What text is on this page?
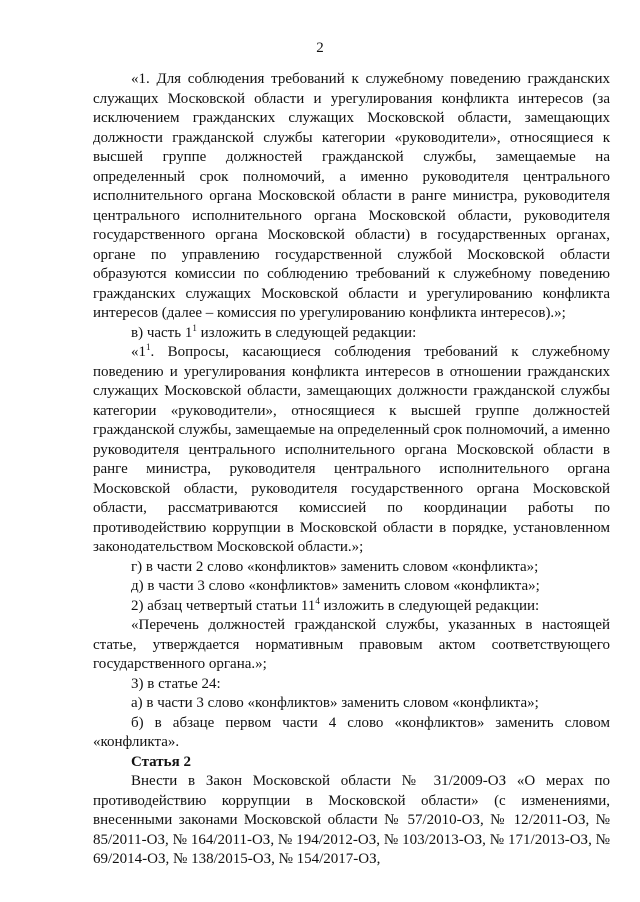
2

«1. Для соблюдения требований к служебному поведению гражданских служащих Московской области и урегулирования конфликта интересов (за исключением гражданских служащих Московской области, замещающих должности гражданской службы категории «руководители», относящиеся к высшей группе должностей гражданской службы, замещаемые на определенный срок полномочий, а именно руководителя центрального исполнительного органа Московской области в ранге министра, руководителя центрального исполнительного органа Московской области, руководителя государственного органа Московской области) в государственных органах, органе по управлению государственной службой Московской области образуются комиссии по соблюдению требований к служебному поведению гражданских служащих Московской области и урегулированию конфликта интересов (далее – комиссия по урегулированию конфликта интересов).»;

в) часть $1^1$ изложить в следующей редакции:

«$1^1$. Вопросы, касающиеся соблюдения требований к служебному поведению и урегулирования конфликта интересов в отношении гражданских служащих Московской области, замещающих должности гражданской службы категории «руководители», относящиеся к высшей группе должностей гражданской службы, замещаемые на определенный срок полномочий, а именно руководителя центрального исполнительного органа Московской области в ранге министра, руководителя центрального исполнительного органа Московской области, руководителя государственного органа Московской области, рассматриваются комиссией по координации работы по противодействию коррупции в Московской области в порядке, установленном законодательством Московской области.»;

г) в части 2 слово «конфликтов» заменить словом «конфликта»;

д) в части 3 слово «конфликтов» заменить словом «конфликта»;

2) абзац четвертый статьи $11^4$ изложить в следующей редакции:

«Перечень должностей гражданской службы, указанных в настоящей статье, утверждается нормативным правовым актом соответствующего государственного органа.»;

3) в статье 24:

а) в части 3 слово «конфликтов» заменить словом «конфликта»;

б) в абзаце первом части 4 слово «конфликтов» заменить словом «конфликта».

Статья 2

Внести в Закон Московской области № 31/2009-ОЗ «О мерах по противодействию коррупции в Московской области» (с изменениями, внесенными законами Московской области № 57/2010-ОЗ, № 12/2011-ОЗ, № 85/2011-ОЗ, № 164/2011-ОЗ, № 194/2012-ОЗ, № 103/2013-ОЗ, № 171/2013-ОЗ, № 69/2014-ОЗ, № 138/2015-ОЗ, № 154/2017-ОЗ,
